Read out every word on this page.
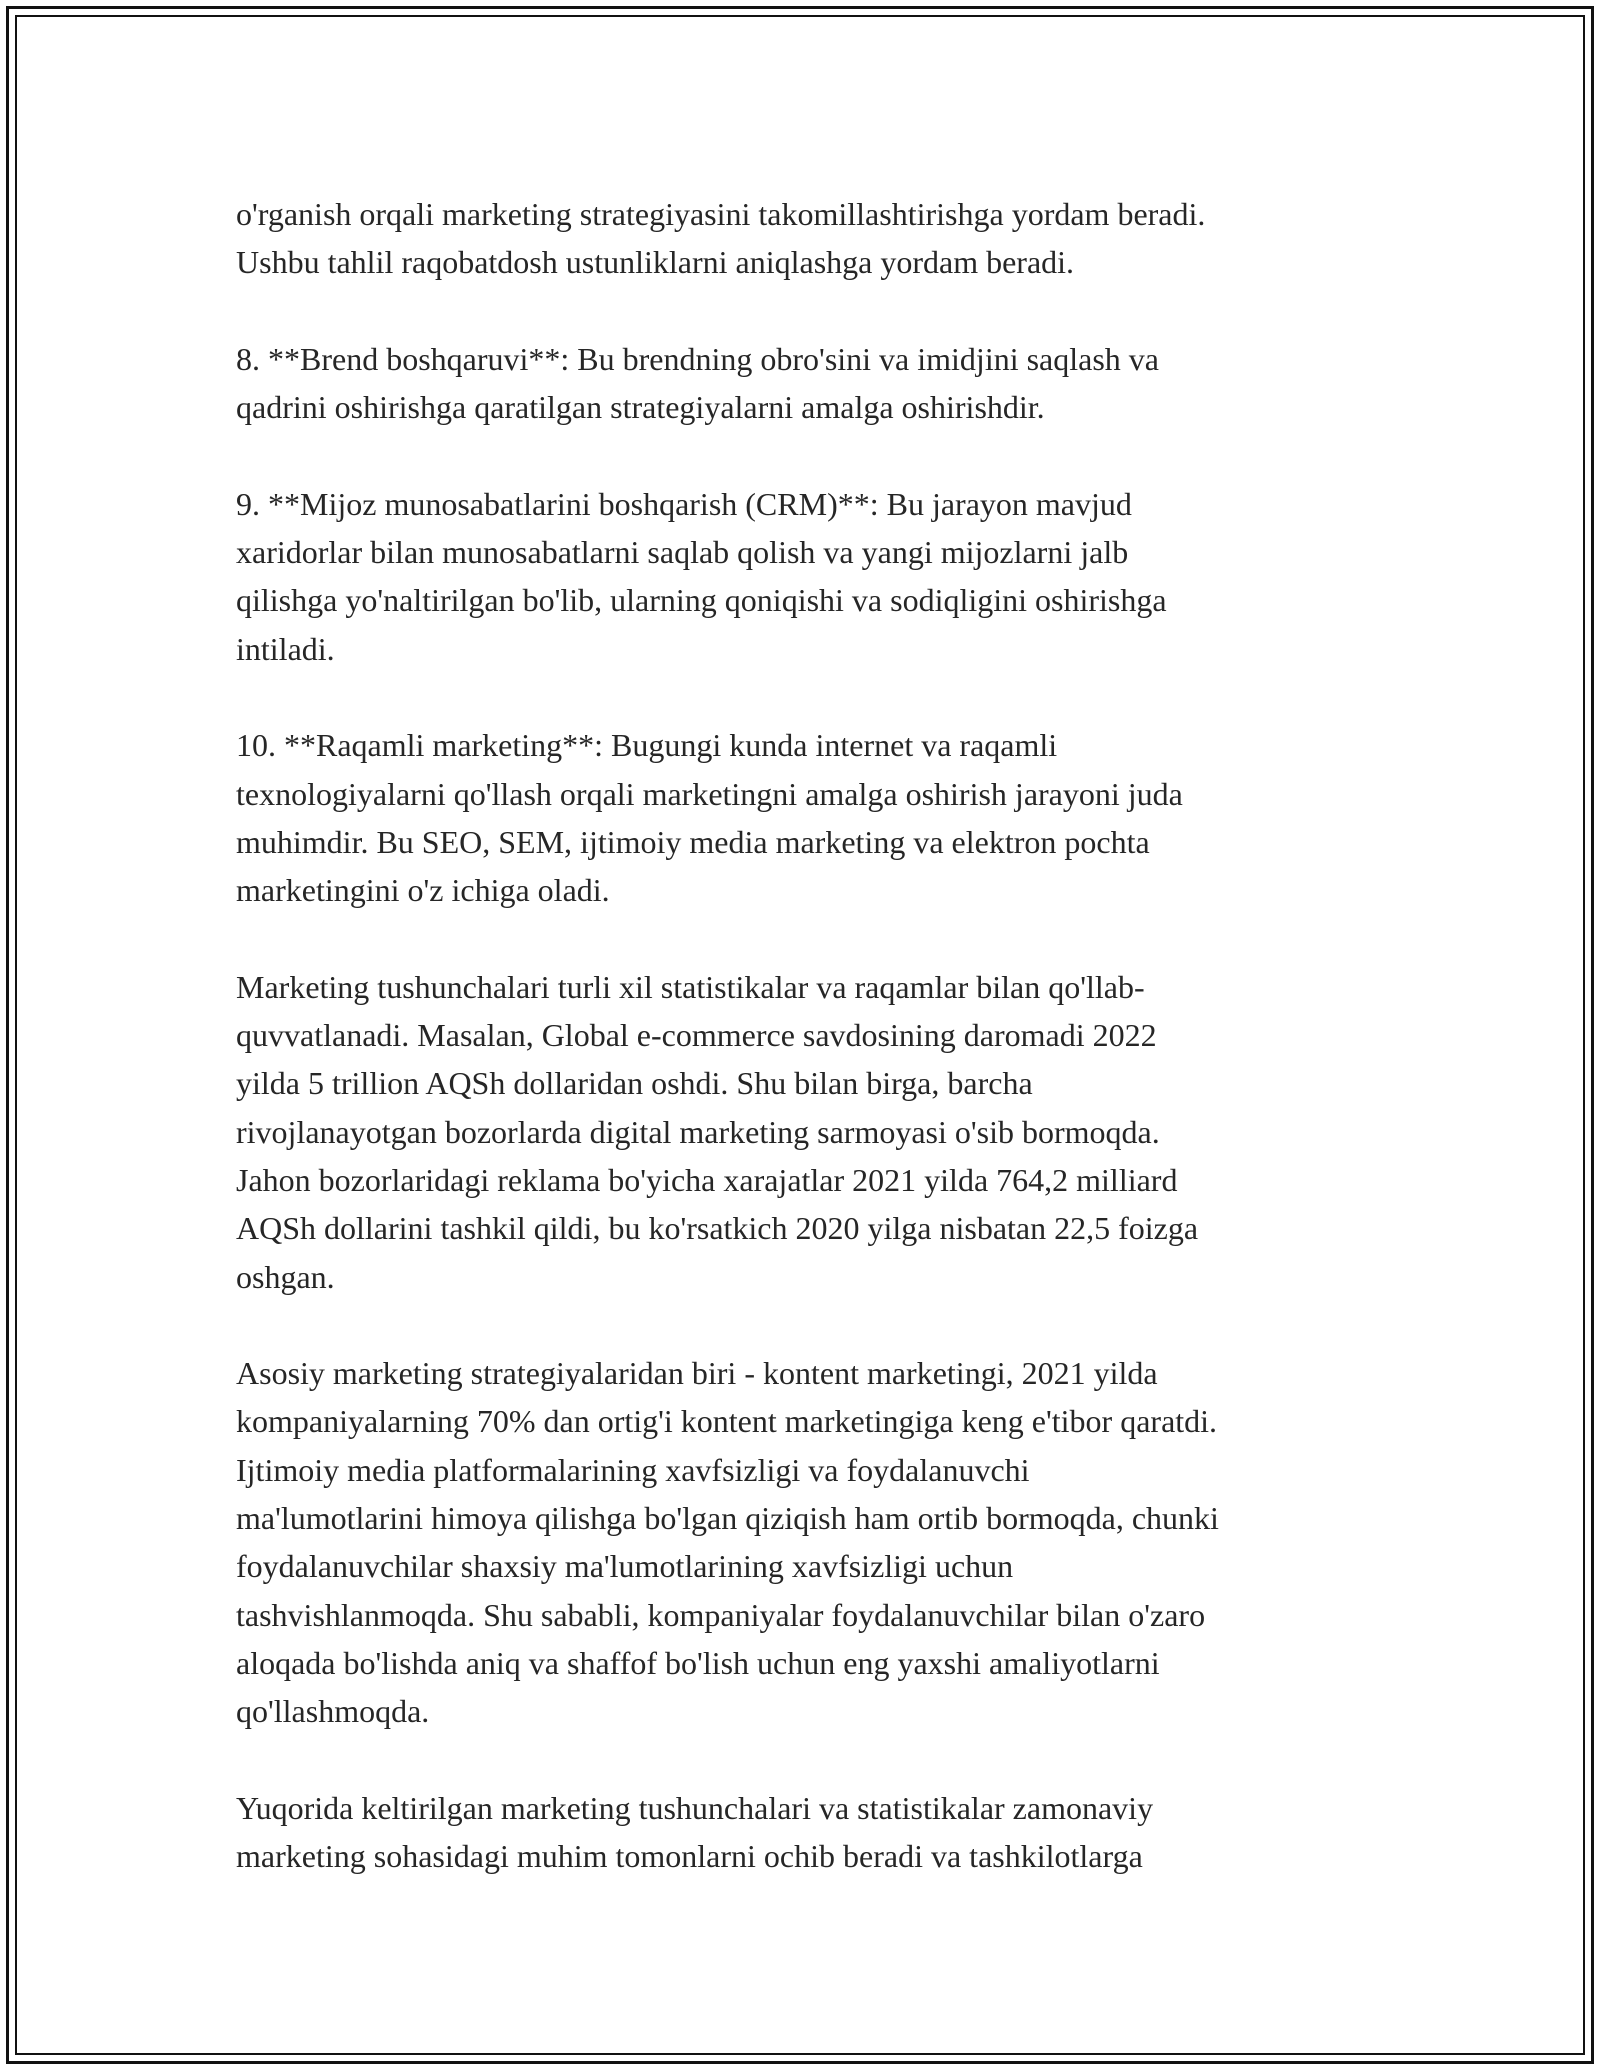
o'rganish orqali marketing strategiyasini takomillashtirishga yordam beradi.
Ushbu tahlil raqobatdosh ustunliklarni aniqlashga yordam beradi.

8. **Brend boshqaruvi**: Bu brendning obro'sini va imidjini saqlash va
qadrini oshirishga qaratilgan strategiyalarni amalga oshirishdir.

9. **Mijoz munosabatlarini boshqarish (CRM)**: Bu jarayon mavjud
xaridorlar bilan munosabatlarni saqlab qolish va yangi mijozlarni jalb
qilishga yo'naltirilgan bo'lib, ularning qoniqishi va sodiqligini oshirishga
intiladi.

10. **Raqamli marketing**: Bugungi kunda internet va raqamli
texnologiyalarni qo'llash orqali marketingni amalga oshirish jarayoni juda
muhimdir. Bu SEO, SEM, ijtimoiy media marketing va elektron pochta
marketingini o'z ichiga oladi.

Marketing tushunchalari turli xil statistikalar va raqamlar bilan qo'llab-
quvvatlanadi. Masalan, Global e-commerce savdosining daromadi 2022
yilda 5 trillion AQSh dollaridan oshdi. Shu bilan birga, barcha
rivojlanayotgan bozorlarda digital marketing sarmoyasi o'sib bormoqda.
Jahon bozorlaridagi reklama bo'yicha xarajatlar 2021 yilda 764,2 milliard
AQSh dollarini tashkil qildi, bu ko'rsatkich 2020 yilga nisbatan 22,5 foizga
oshgan.

Asosiy marketing strategiyalaridan biri - kontent marketingi, 2021 yilda
kompaniyalarning 70% dan ortig'i kontent marketingiga keng e'tibor qaratdi.
Ijtimoiy media platformalarining xavfsizligi va foydalanuvchi
ma'lumotlarini himoya qilishga bo'lgan qiziqish ham ortib bormoqda, chunki
foydalanuvchilar shaxsiy ma'lumotlarining xavfsizligi uchun
tashvishlanmoqda. Shu sababli, kompaniyalar foydalanuvchilar bilan o'zaro
aloqada bo'lishda aniq va shaffof bo'lish uchun eng yaxshi amaliyotlarni
qo'llashmoqda.

Yuqorida keltirilgan marketing tushunchalari va statistikalar zamonaviy
marketing sohasidagi muhim tomonlarni ochib beradi va tashkilotlarga
